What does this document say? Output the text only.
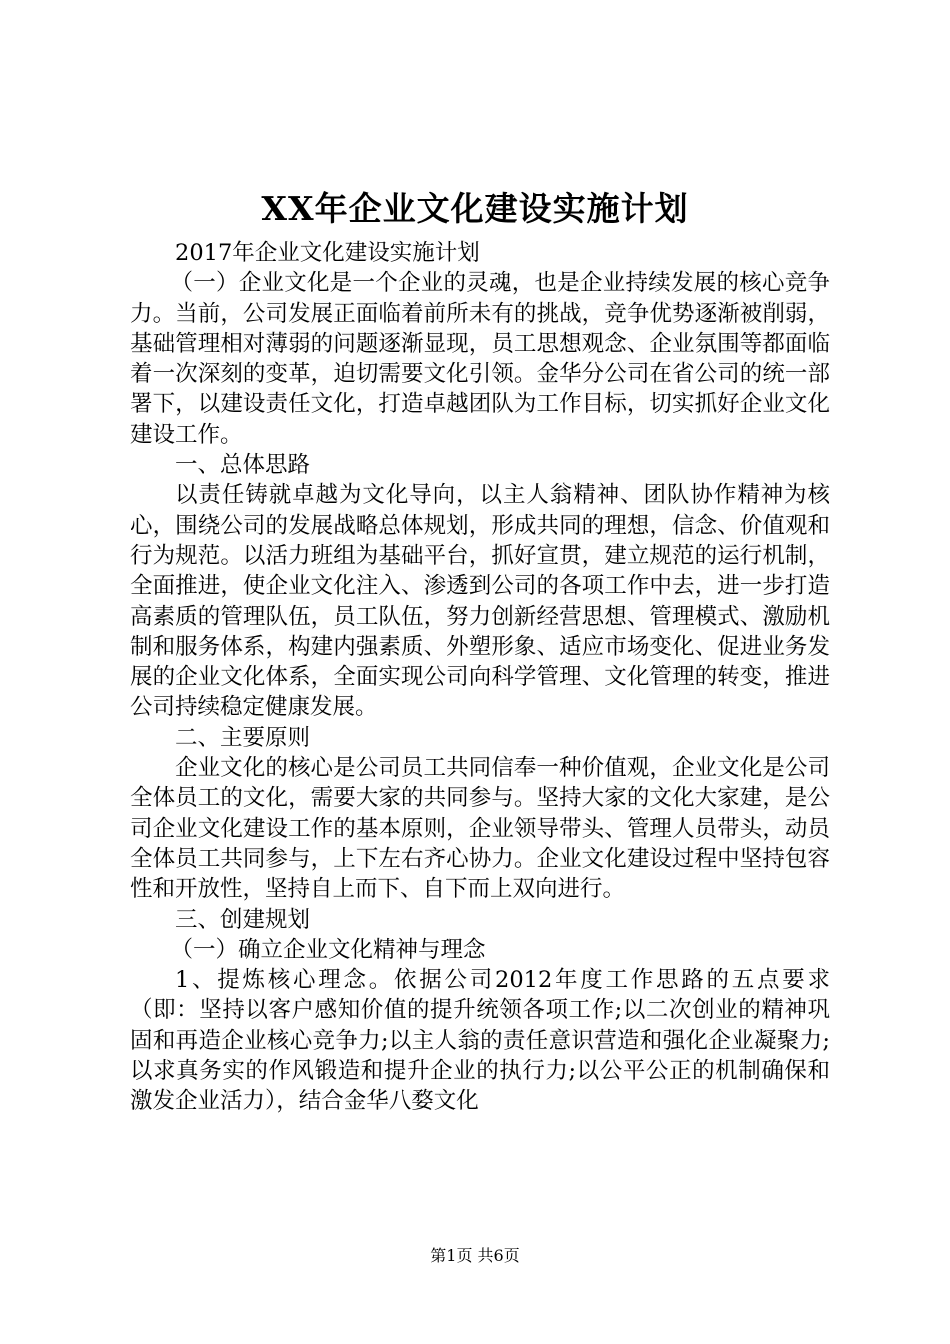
XX年企业文化建设实施计划

2017年企业文化建设实施计划

（一）企业文化是一个企业的灵魂，也是企业持续发展的核心竞争力。当前，公司发展正面临着前所未有的挑战，竞争优势逐渐被削弱，基础管理相对薄弱的问题逐渐显现，员工思想观念、企业氛围等都面临着一次深刻的变革，迫切需要文化引领。金华分公司在省公司的统一部署下，以建设责任文化，打造卓越团队为工作目标，切实抓好企业文化建设工作。

一、总体思路

以责任铸就卓越为文化导向，以主人翁精神、团队协作精神为核心，围绕公司的发展战略总体规划，形成共同的理想，信念、价值观和行为规范。以活力班组为基础平台，抓好宣贯，建立规范的运行机制，全面推进，使企业文化注入、渗透到公司的各项工作中去，进一步打造高素质的管理队伍，员工队伍，努力创新经营思想、管理模式、激励机制和服务体系，构建内强素质、外塑形象、适应市场变化、促进业务发展的企业文化体系，全面实现公司向科学管理、文化管理的转变，推进公司持续稳定健康发展。

二、主要原则

企业文化的核心是公司员工共同信奉一种价值观，企业文化是公司全体员工的文化，需要大家的共同参与。坚持大家的文化大家建，是公司企业文化建设工作的基本原则，企业领导带头、管理人员带头，动员全体员工共同参与，上下左右齐心协力。企业文化建设过程中坚持包容性和开放性，坚持自上而下、自下而上双向进行。

三、创建规划

（一）确立企业文化精神与理念

1、提炼核心理念。依据公司2012年度工作思路的五点要求（即：坚持以客户感知价值的提升统领各项工作;以二次创业的精神巩固和再造企业核心竞争力;以主人翁的责任意识营造和强化企业凝聚力;以求真务实的作风锻造和提升企业的执行力;以公平公正的机制确保和激发企业活力），结合金华八婺文化

第1页 共6页
